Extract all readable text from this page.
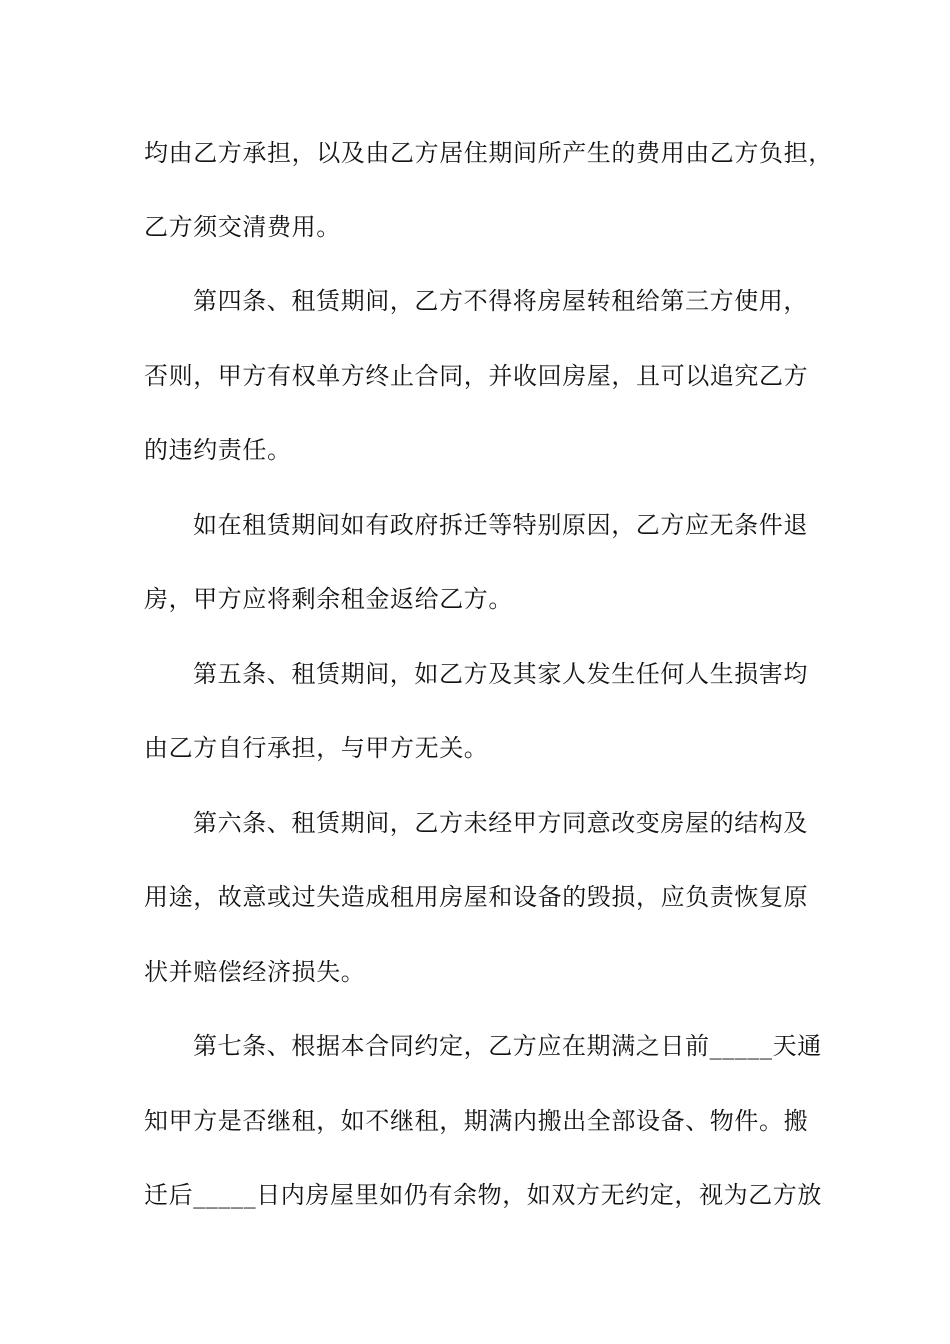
均由乙方承担，以及由乙方居住期间所产生的费用由乙方负担，
乙方须交清费用。
第四条、租赁期间，乙方不得将房屋转租给第三方使用，
否则，甲方有权单方终止合同，并收回房屋，且可以追究乙方
的违约责任。
如在租赁期间如有政府拆迁等特别原因，乙方应无条件退
房，甲方应将剩余租金返给乙方。
第五条、租赁期间，如乙方及其家人发生任何人生损害均
由乙方自行承担，与甲方无关。
第六条、租赁期间，乙方未经甲方同意改变房屋的结构及
用途，故意或过失造成租用房屋和设备的毁损，应负责恢复原
状并赔偿经济损失。
第七条、根据本合同约定，乙方应在期满之日前_____天通
知甲方是否继租，如不继租，期满内搬出全部设备、物件。搬
迁后_____日内房屋里如仍有余物，如双方无约定，视为乙方放
